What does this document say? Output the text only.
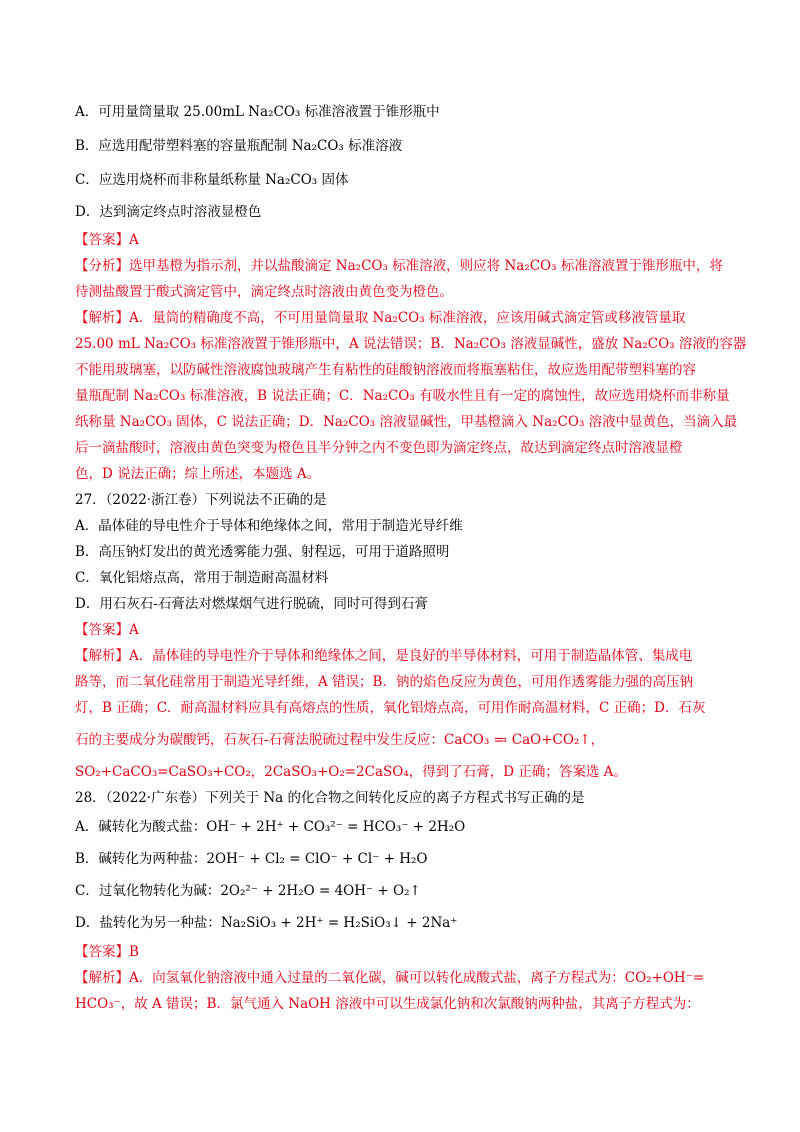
A．可用量筒量取 25.00mL Na₂CO₃ 标准溶液置于锥形瓶中
B．应选用配带塑料塞的容量瓶配制 Na₂CO₃ 标准溶液
C．应选用烧杯而非称量纸称量 Na₂CO₃ 固体
D．达到滴定终点时溶液显橙色
【答案】A
【分析】选甲基橙为指示剂，并以盐酸滴定 Na₂CO₃ 标准溶液，则应将 Na₂CO₃ 标准溶液置于锥形瓶中，将
待测盐酸置于酸式滴定管中，滴定终点时溶液由黄色变为橙色。
【解析】A．量筒的精确度不高，不可用量筒量取 Na₂CO₃ 标准溶液，应该用碱式滴定管或移液管量取
25.00 mL Na₂CO₃ 标准溶液置于锥形瓶中，A 说法错误；B．Na₂CO₃ 溶液显碱性，盛放 Na₂CO₃ 溶液的容器
不能用玻璃塞，以防碱性溶液腐蚀玻璃产生有粘性的硅酸钠溶液而将瓶塞粘住，故应选用配带塑料塞的容
量瓶配制 Na₂CO₃ 标准溶液，B 说法正确；C．Na₂CO₃ 有吸水性且有一定的腐蚀性，故应选用烧杯而非称量
纸称量 Na₂CO₃ 固体，C 说法正确；D．Na₂CO₃ 溶液显碱性，甲基橙滴入 Na₂CO₃ 溶液中显黄色，当滴入最
后一滴盐酸时，溶液由黄色突变为橙色且半分钟之内不变色即为滴定终点，故达到滴定终点时溶液显橙
色，D 说法正确；综上所述，本题选 A。
27．（2022·浙江卷）下列说法不正确的是
A．晶体硅的导电性介于导体和绝缘体之间，常用于制造光导纤维
B．高压钠灯发出的黄光透雾能力强、射程远，可用于道路照明
C．氧化铝熔点高，常用于制造耐高温材料
D．用石灰石-石膏法对燃煤烟气进行脱硫，同时可得到石膏
【答案】A
【解析】A．晶体硅的导电性介于导体和绝缘体之间，是良好的半导体材料，可用于制造晶体管、集成电
路等，而二氧化硅常用于制造光导纤维，A 错误；B．钠的焰色反应为黄色，可用作透雾能力强的高压钠
灯，B 正确；C．耐高温材料应具有高熔点的性质，氧化铝熔点高，可用作耐高温材料，C 正确；D．石灰
石的主要成分为碳酸钙，石灰石-石膏法脱硫过程中发生反应：CaCO₃ ≕ CaO+CO₂↑，
SO₂+CaCO₃=CaSO₃+CO₂，2CaSO₃+O₂=2CaSO₄，得到了石膏，D 正确；答案选 A。
28．（2022·广东卷）下列关于 Na 的化合物之间转化反应的离子方程式书写正确的是
A．碱转化为酸式盐：OH⁻ + 2H⁺ + CO₃²⁻ = HCO₃⁻ + 2H₂O
B．碱转化为两种盐：2OH⁻ + Cl₂ = ClO⁻ + Cl⁻ + H₂O
C．过氧化物转化为碱：2O₂²⁻ + 2H₂O = 4OH⁻ + O₂↑
D．盐转化为另一种盐：Na₂SiO₃ + 2H⁺ = H₂SiO₃↓ + 2Na⁺
【答案】B
【解析】A．向氢氧化钠溶液中通入过量的二氧化碳，碱可以转化成酸式盐，离子方程式为：CO₂+OH⁻=
HCO₃⁻，故 A 错误；B．氯气通入 NaOH 溶液中可以生成氯化钠和次氯酸钠两种盐，其离子方程式为：
